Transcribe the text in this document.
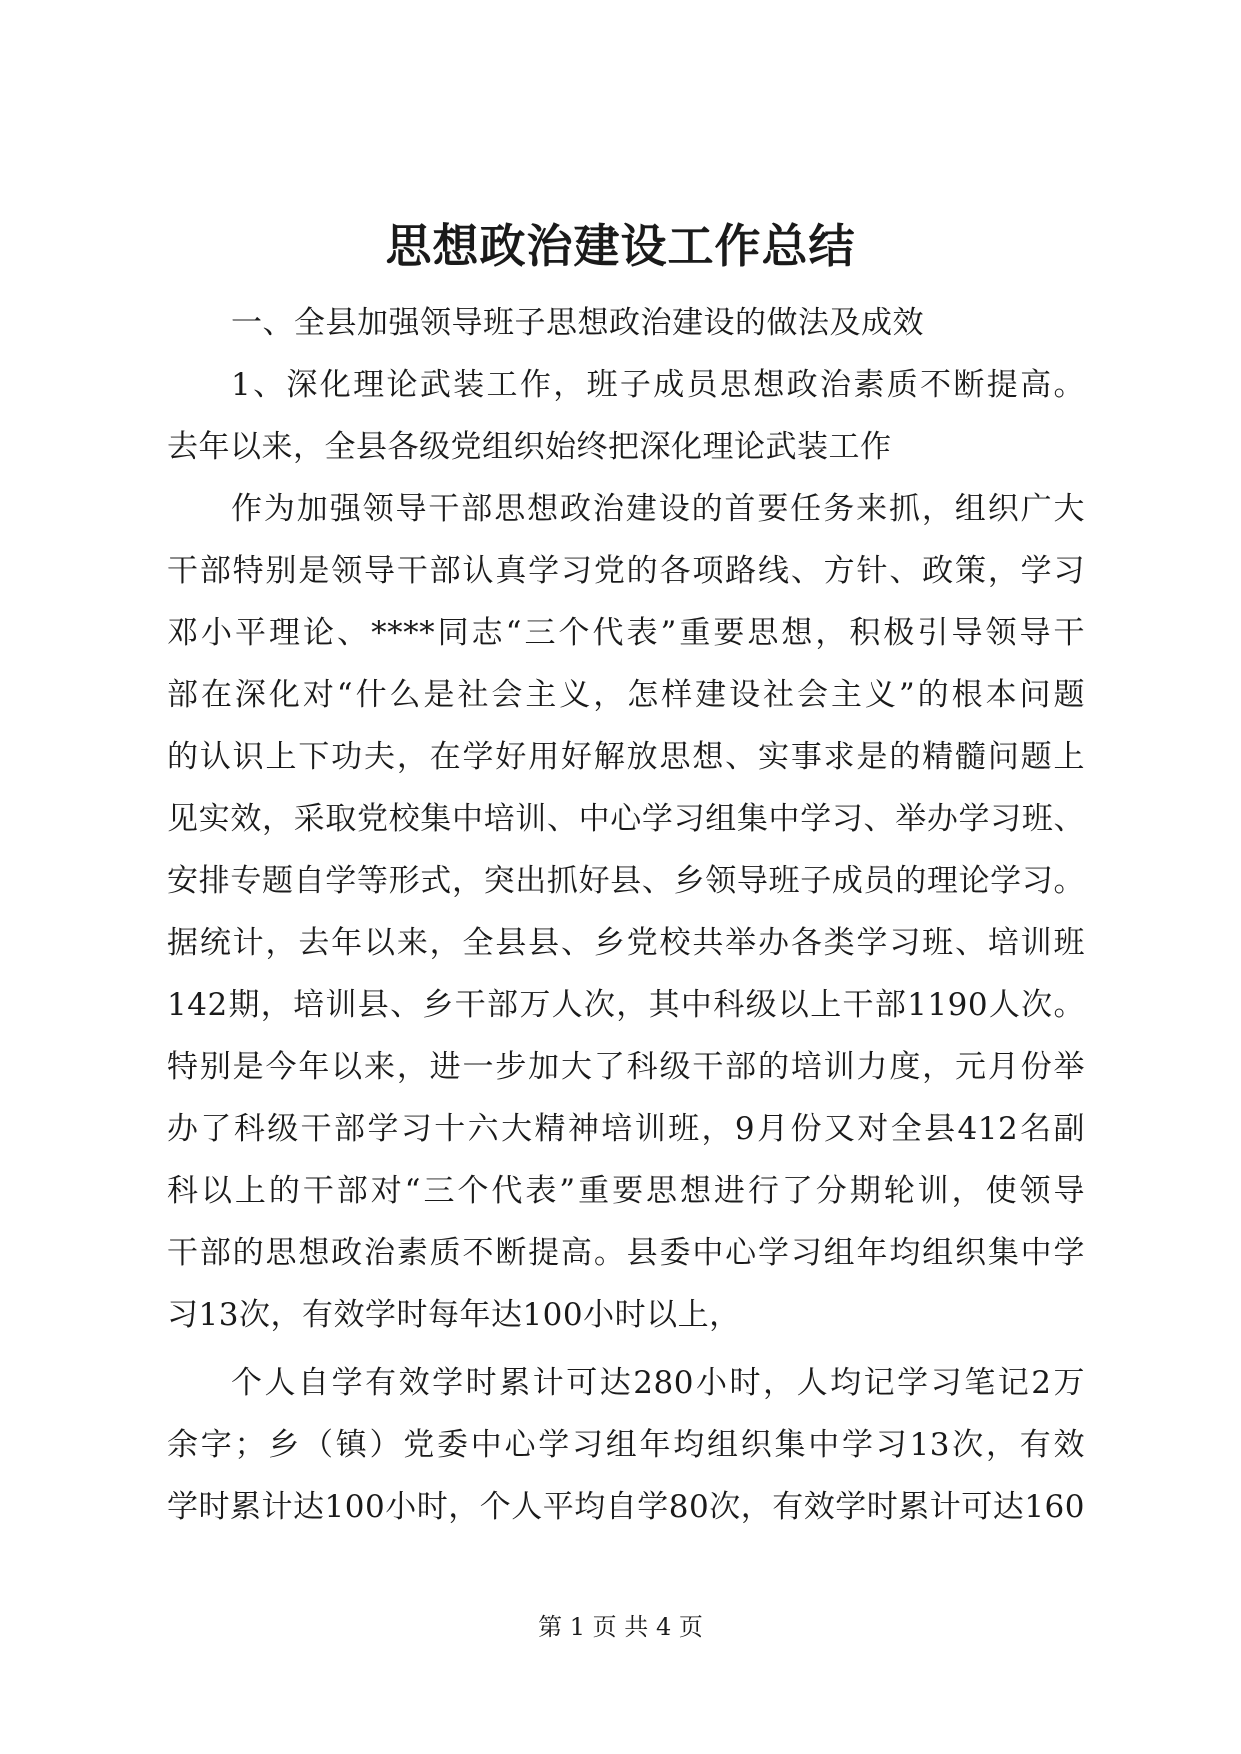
思想政治建设工作总结

一、全县加强领导班子思想政治建设的做法及成效

1、深化理论武装工作，班子成员思想政治素质不断提高。

去年以来，全县各级党组织始终把深化理论武装工作

作为加强领导干部思想政治建设的首要任务来抓，组织广大

干部特别是领导干部认真学习党的各项路线、方针、政策，学习

邓小平理论、****同志“三个代表”重要思想，积极引导领导干

部在深化对“什么是社会主义，怎样建设社会主义”的根本问题

的认识上下功夫，在学好用好解放思想、实事求是的精髓问题上

见实效，采取党校集中培训、中心学习组集中学习、举办学习班、

安排专题自学等形式，突出抓好县、乡领导班子成员的理论学习。

据统计，去年以来，全县县、乡党校共举办各类学习班、培训班

142期，培训县、乡干部万人次，其中科级以上干部1190人次。

特别是今年以来，进一步加大了科级干部的培训力度，元月份举

办了科级干部学习十六大精神培训班，9月份又对全县412名副

科以上的干部对“三个代表”重要思想进行了分期轮训，使领导

干部的思想政治素质不断提高。县委中心学习组年均组织集中学

习13次，有效学时每年达100小时以上，

个人自学有效学时累计可达280小时，人均记学习笔记2万

余字；乡（镇）党委中心学习组年均组织集中学习13次，有效

学时累计达100小时，个人平均自学80次，有效学时累计可达160

第 1 页 共 4 页
